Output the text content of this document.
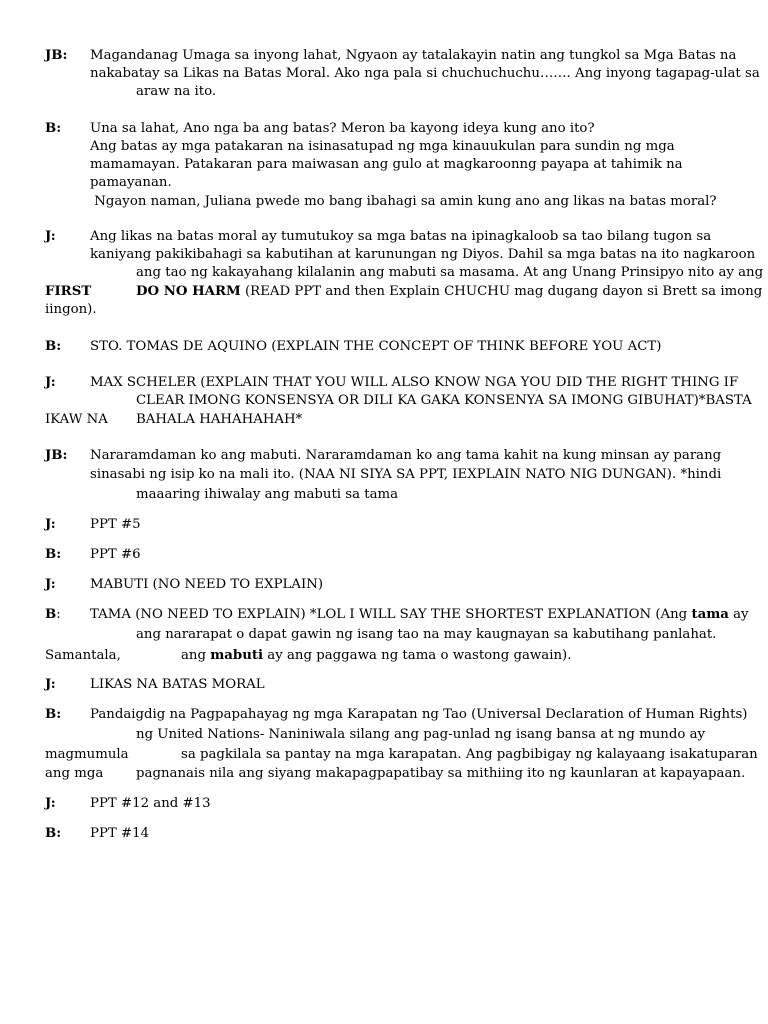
JB: Magandanag Umaga sa inyong lahat, Ngyaon ay tatalakayin natin ang tungkol sa Mga Batas na
nakabatay sa Likas na Batas Moral. Ako nga pala si chuchuchuchu……. Ang inyong tagapag-ulat sa
araw na ito.
B: Una sa lahat, Ano nga ba ang batas? Meron ba kayong ideya kung ano ito?
Ang batas ay mga patakaran na isinasatupad ng mga kinauukulan para sundin ng mga
mamamayan. Patakaran para maiwasan ang gulo at magkaroonng payapa at tahimik na
pamayanan.
Ngayon naman, Juliana pwede mo bang ibahagi sa amin kung ano ang likas na batas moral?
J:	Ang likas na batas moral ay tumutukoy sa mga batas na ipinagkaloob sa tao bilang tugon sa
kaniyang pakikibahagi sa kabutihan at karunungan ng Diyos. Dahil sa mga batas na ito nagkaroon
ang tao ng kakayahang kilalanin ang mabuti sa masama. At ang Unang Prinsipyo nito ay ang
FIRST	DO NO HARM (READ PPT and then Explain CHUCHU mag dugang dayon si Brett sa imong
iingon).
B: STO. TOMAS DE AQUINO (EXPLAIN THE CONCEPT OF THINK BEFORE YOU ACT)
J:	MAX SCHELER (EXPLAIN THAT YOU WILL ALSO KNOW NGA YOU DID THE RIGHT THING IF
CLEAR IMONG KONSENSYA OR DILI KA GAKA KONSENYA SA IMONG GIBUHAT)*BASTA
IKAW NA BAHALA HAHAHAHAH*
JB: Nararamdaman ko ang mabuti. Nararamdaman ko ang tama kahit na kung minsan ay parang
sinasabi ng isip ko na mali ito. (NAA NI SIYA SA PPT, IEXPLAIN NATO NIG DUNGAN). *hindi
maaaring ihiwalay ang mabuti sa tama
J:	PPT #5
B: PPT #6
J:	MABUTI (NO NEED TO EXPLAIN)
B: TAMA (NO NEED TO EXPLAIN) *LOL I WILL SAY THE SHORTEST EXPLANATION (Ang tama ay
ang nararapat o dapat gawin ng isang tao na may kaugnayan sa kabutihang panlahat.
Samantala,	ang mabuti ay ang paggawa ng tama o wastong gawain).
J:	LIKAS NA BATAS MORAL
B: Pandaigdig na Pagpapahayag ng mga Karapatan ng Tao (Universal Declaration of Human Rights)
ng United Nations- Naniniwala silang ang pag-unlad ng isang bansa at ng mundo ay
magmumula	sa pagkilala sa pantay na mga karapatan. Ang pagbibigay ng kalayaang isakatuparan
ang mga pagnanais nila ang siyang makapagpapatibay sa mithiing ito ng kaunlaran at kapayapaan.
J:	PPT #12 and #13
B: PPT #14
